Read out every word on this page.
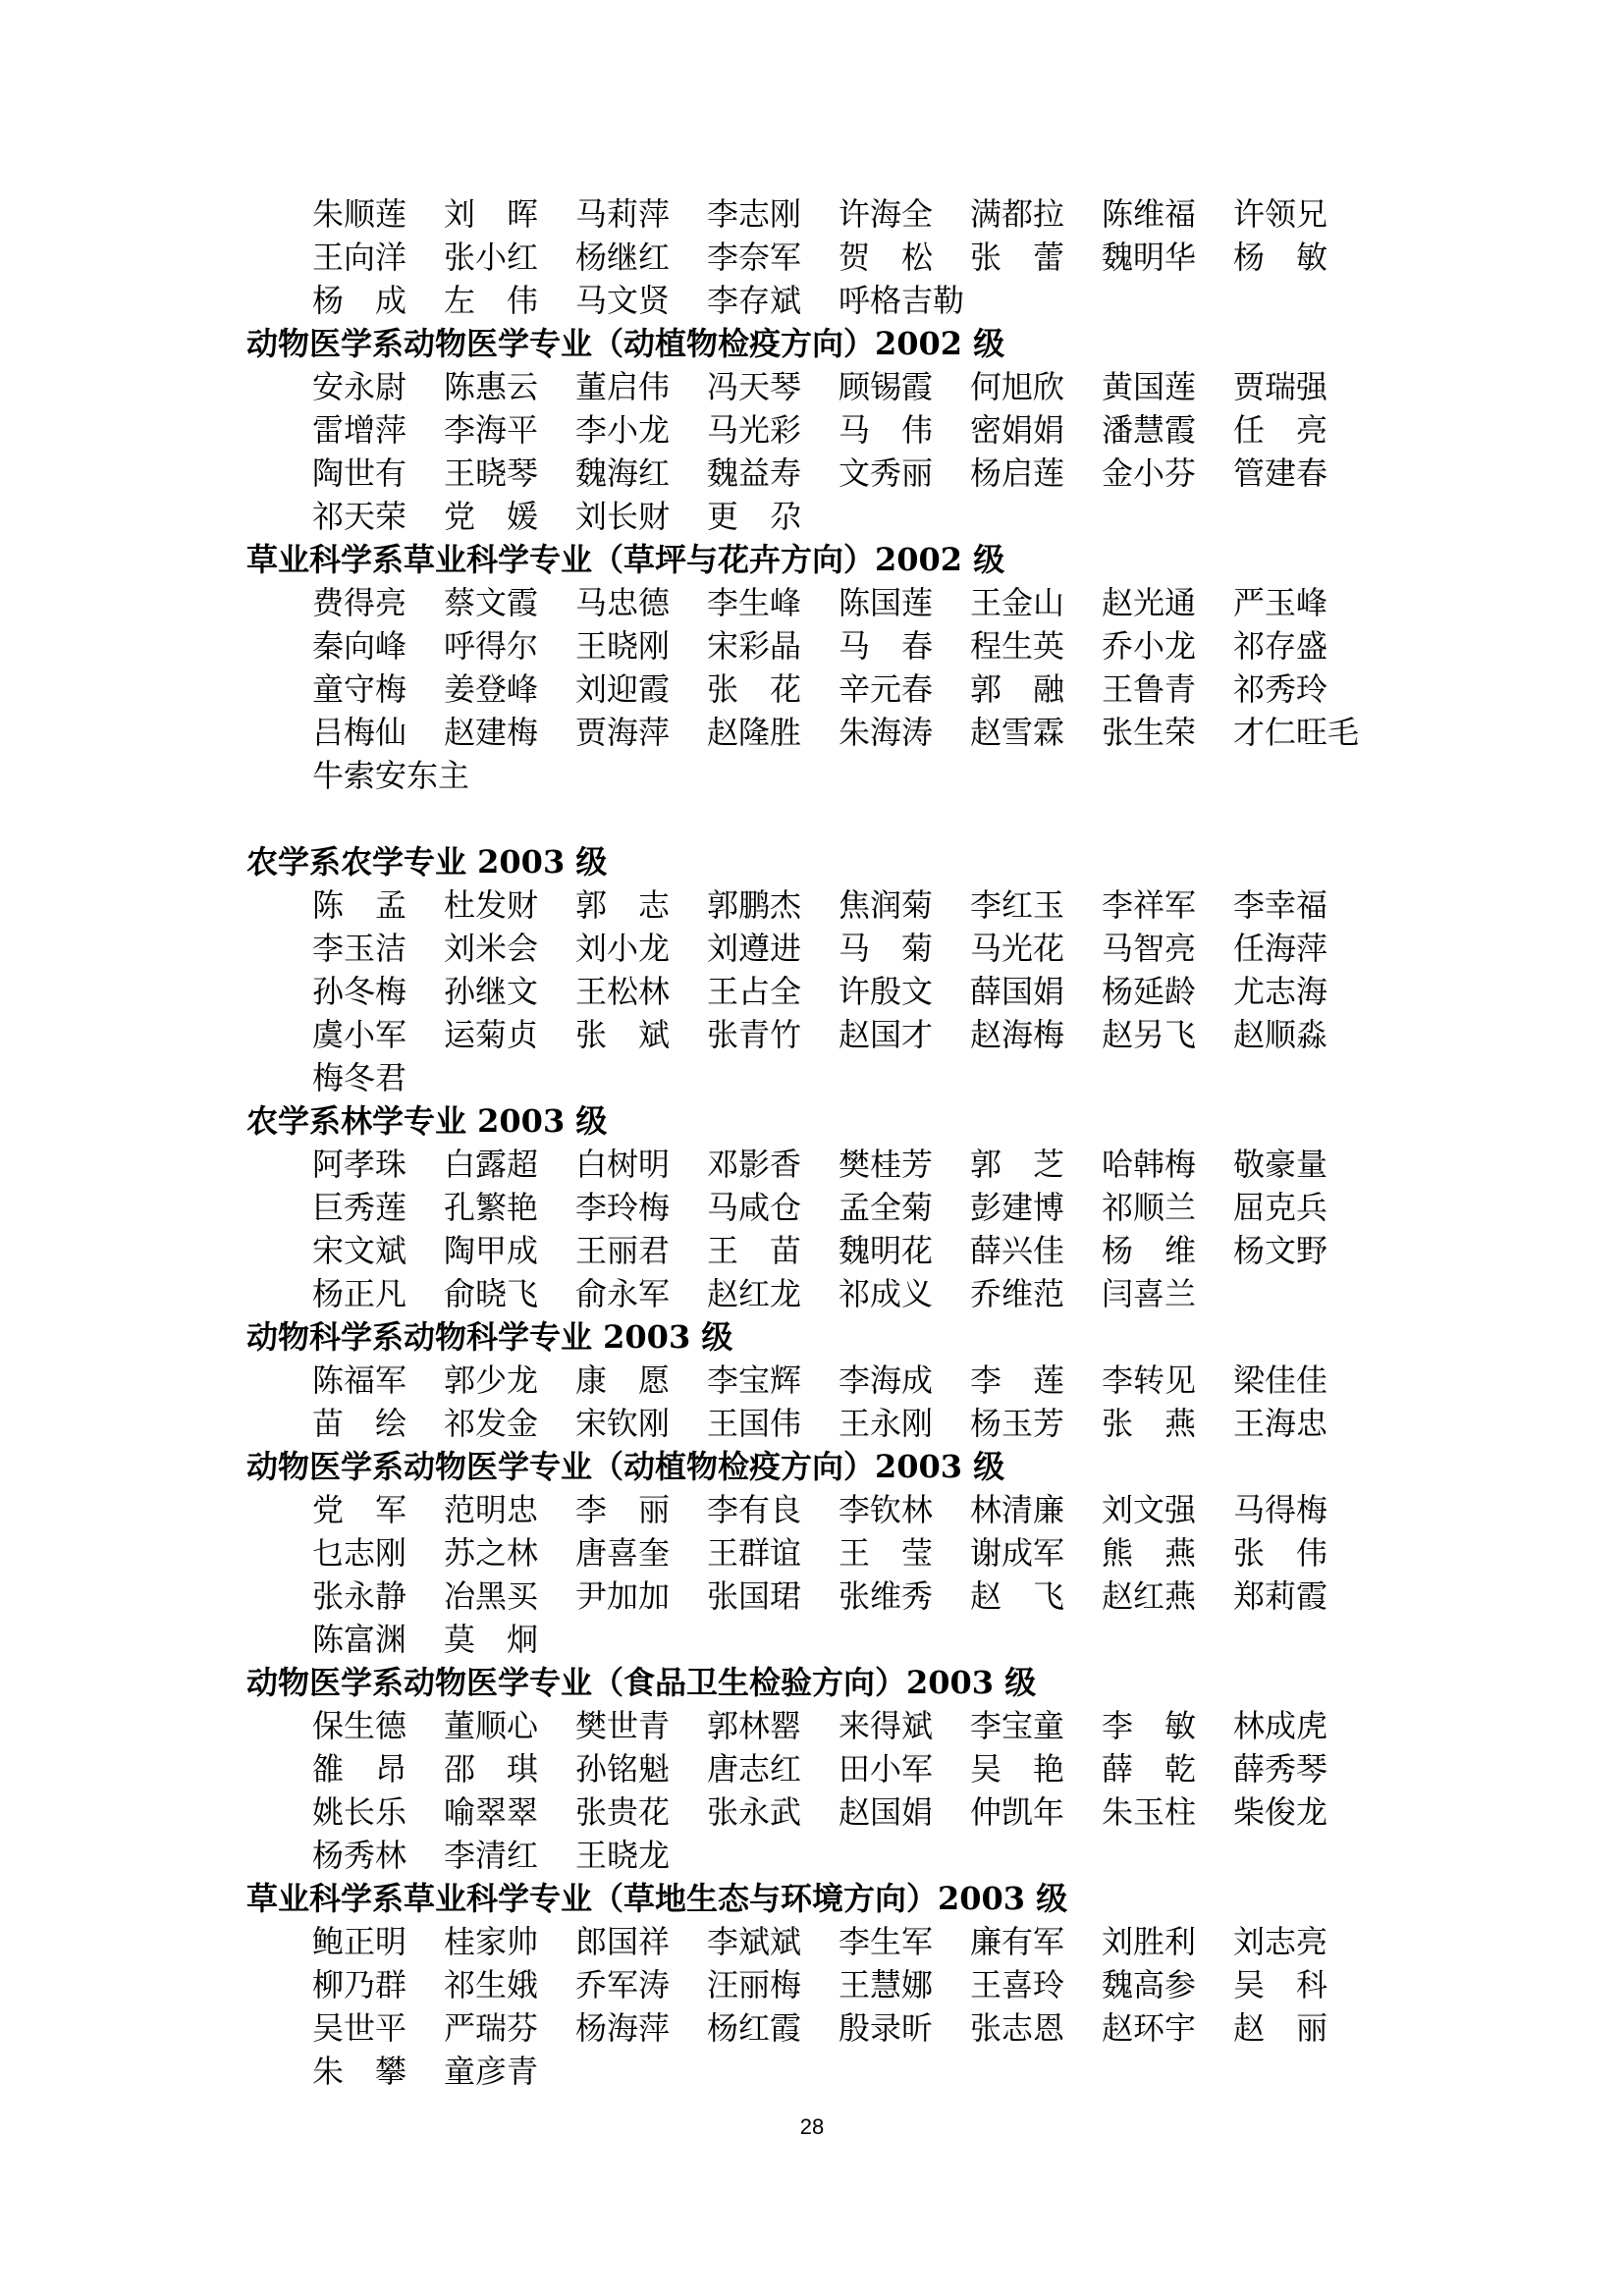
朱顺莲	刘　晖	马莉萍	李志刚	许海全	满都拉	陈维福	许领兄
王向洋	张小红	杨继红	李奈军	贺　松	张　蕾	魏明华	杨　敏
杨　成	左　伟	马文贤	李存斌	呼格吉勒
动物医学系动物医学专业（动植物检疫方向）2002 级
安永尉	陈惠云	董启伟	冯天琴	顾锡霞	何旭欣	黄国莲	贾瑞强
雷增萍	李海平	李小龙	马光彩	马　伟	密娟娟	潘慧霞	任　亮
陶世有	王晓琴	魏海红	魏益寿	文秀丽	杨启莲	金小芬	管建春
祁天荣	党　媛	刘长财	更　尕
草业科学系草业科学专业（草坪与花卉方向）2002 级
费得亮	蔡文霞	马忠德	李生峰	陈国莲	王金山	赵光通	严玉峰
秦向峰	呼得尔	王晓刚	宋彩晶	马　春	程生英	乔小龙	祁存盛
童守梅	姜登峰	刘迎霞	张　花	辛元春	郭　融	王鲁青	祁秀玲
吕梅仙	赵建梅	贾海萍	赵隆胜	朱海涛	赵雪霖	张生荣	才仁旺毛
牛索安东主
农学系农学专业 2003 级
陈　孟	杜发财	郭　志	郭鹏杰	焦润菊	李红玉	李祥军	李幸福
李玉洁	刘米会	刘小龙	刘遵进	马　菊	马光花	马智亮	任海萍
孙冬梅	孙继文	王松林	王占全	许殷文	薛国娟	杨延龄	尤志海
虞小军	运菊贞	张　斌	张青竹	赵国才	赵海梅	赵另飞	赵顺淼
梅冬君
农学系林学专业 2003 级
阿孝珠	白露超	白树明	邓影香	樊桂芳	郭　芝	哈韩梅	敬豪量
巨秀莲	孔繁艳	李玲梅	马咸仓	孟全菊	彭建博	祁顺兰	屈克兵
宋文斌	陶甲成	王丽君	王　苗	魏明花	薛兴佳	杨　维	杨文野
杨正凡	俞晓飞	俞永军	赵红龙	祁成义	乔维范	闫喜兰
动物科学系动物科学专业 2003 级
陈福军	郭少龙	康　愿	李宝辉	李海成	李　莲	李转见	梁佳佳
苗　绘	祁发金	宋钦刚	王国伟	王永刚	杨玉芳	张　燕	王海忠
动物医学系动物医学专业（动植物检疫方向）2003 级
党　军	范明忠	李　丽	李有良	李钦林	林清廉	刘文强	马得梅
乜志刚	苏之林	唐喜奎	王群谊	王　莹	谢成军	熊　燕	张　伟
张永静	冶黑买	尹加加	张国珺	张维秀	赵　飞	赵红燕	郑莉霞
陈富渊	莫　炯
动物医学系动物医学专业（食品卫生检验方向）2003 级
保生德	董顺心	樊世青	郭林罂	来得斌	李宝童	李　敏	林成虎
雒　昂	邵　琪	孙铭魁	唐志红	田小军	吴　艳	薛　乾	薛秀琴
姚长乐	喻翠翠	张贵花	张永武	赵国娟	仲凯年	朱玉柱	柴俊龙
杨秀林	李清红	王晓龙
草业科学系草业科学专业（草地生态与环境方向）2003 级
鲍正明	桂家帅	郎国祥	李斌斌	李生军	廉有军	刘胜利	刘志亮
柳乃群	祁生娥	乔军涛	汪丽梅	王慧娜	王喜玲	魏高参	吴　科
吴世平	严瑞芬	杨海萍	杨红霞	殷录昕	张志恩	赵环宇	赵　丽
朱　攀	童彦青
28
